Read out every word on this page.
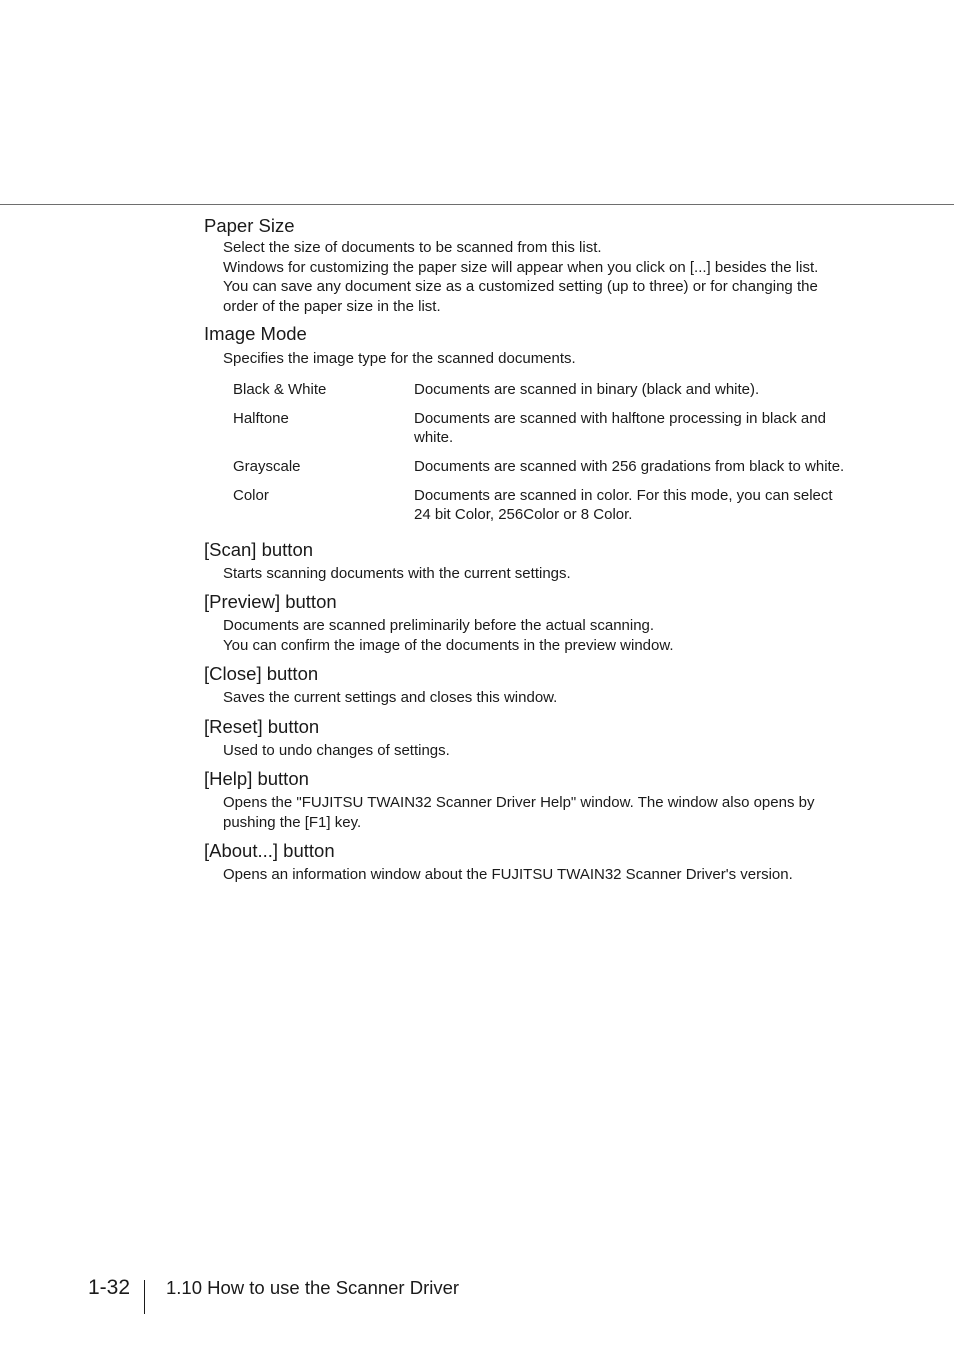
Paper Size

Select the size of documents to be scanned from this list.

Windows for customizing the paper size will appear when you click on [...] besides the list. You can save any document size as a customized setting (up to three) or for changing the order of the paper size in the list.

Image Mode

Specifies the image type for the scanned documents.

Black & White	Documents are scanned in binary (black and white).
Halftone	Documents are scanned with halftone processing in black and white.
Grayscale	Documents are scanned with 256 gradations from black to white.
Color	Documents are scanned in color. For this mode, you can select 24 bit Color, 256Color or 8 Color.
[Scan] button

Starts scanning documents with the current settings.

[Preview] button

Documents are scanned preliminarily before the actual scanning.

You can confirm the image of the documents in the preview window.

[Close] button

Saves the current settings and closes this window.

[Reset] button

Used to undo changes of settings.

[Help] button

Opens the "FUJITSU TWAIN32 Scanner Driver Help" window. The window also opens by pushing the [F1] key.

[About...] button

Opens an information window about the FUJITSU TWAIN32 Scanner Driver's version.

1-32 1.10 How to use the Scanner Driver
